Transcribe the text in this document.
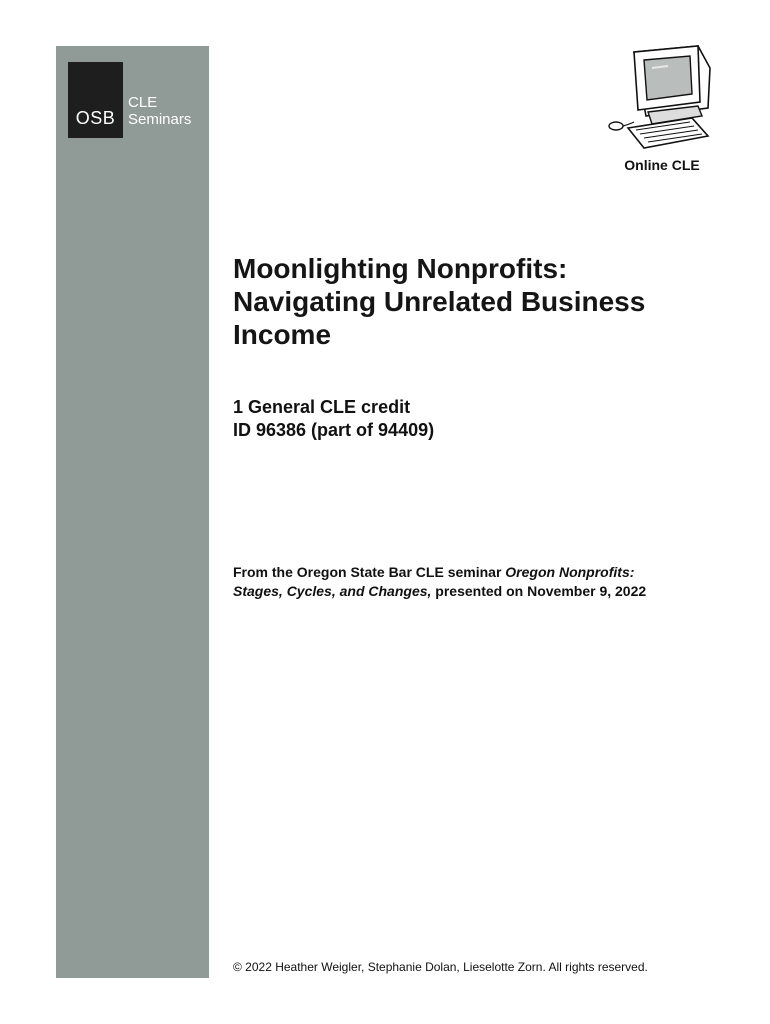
OSB
CLE
Seminars
Online CLE
Moonlighting Nonprofits:
Navigating Unrelated Business
Income
1 General CLE credit
ID 96386 (part of 94409)
From the Oregon State Bar CLE seminar Oregon Nonprofits:
Stages, Cycles, and Changes, presented on November 9, 2022
© 2022 Heather Weigler, Stephanie Dolan, Lieselotte Zorn. All rights reserved.
